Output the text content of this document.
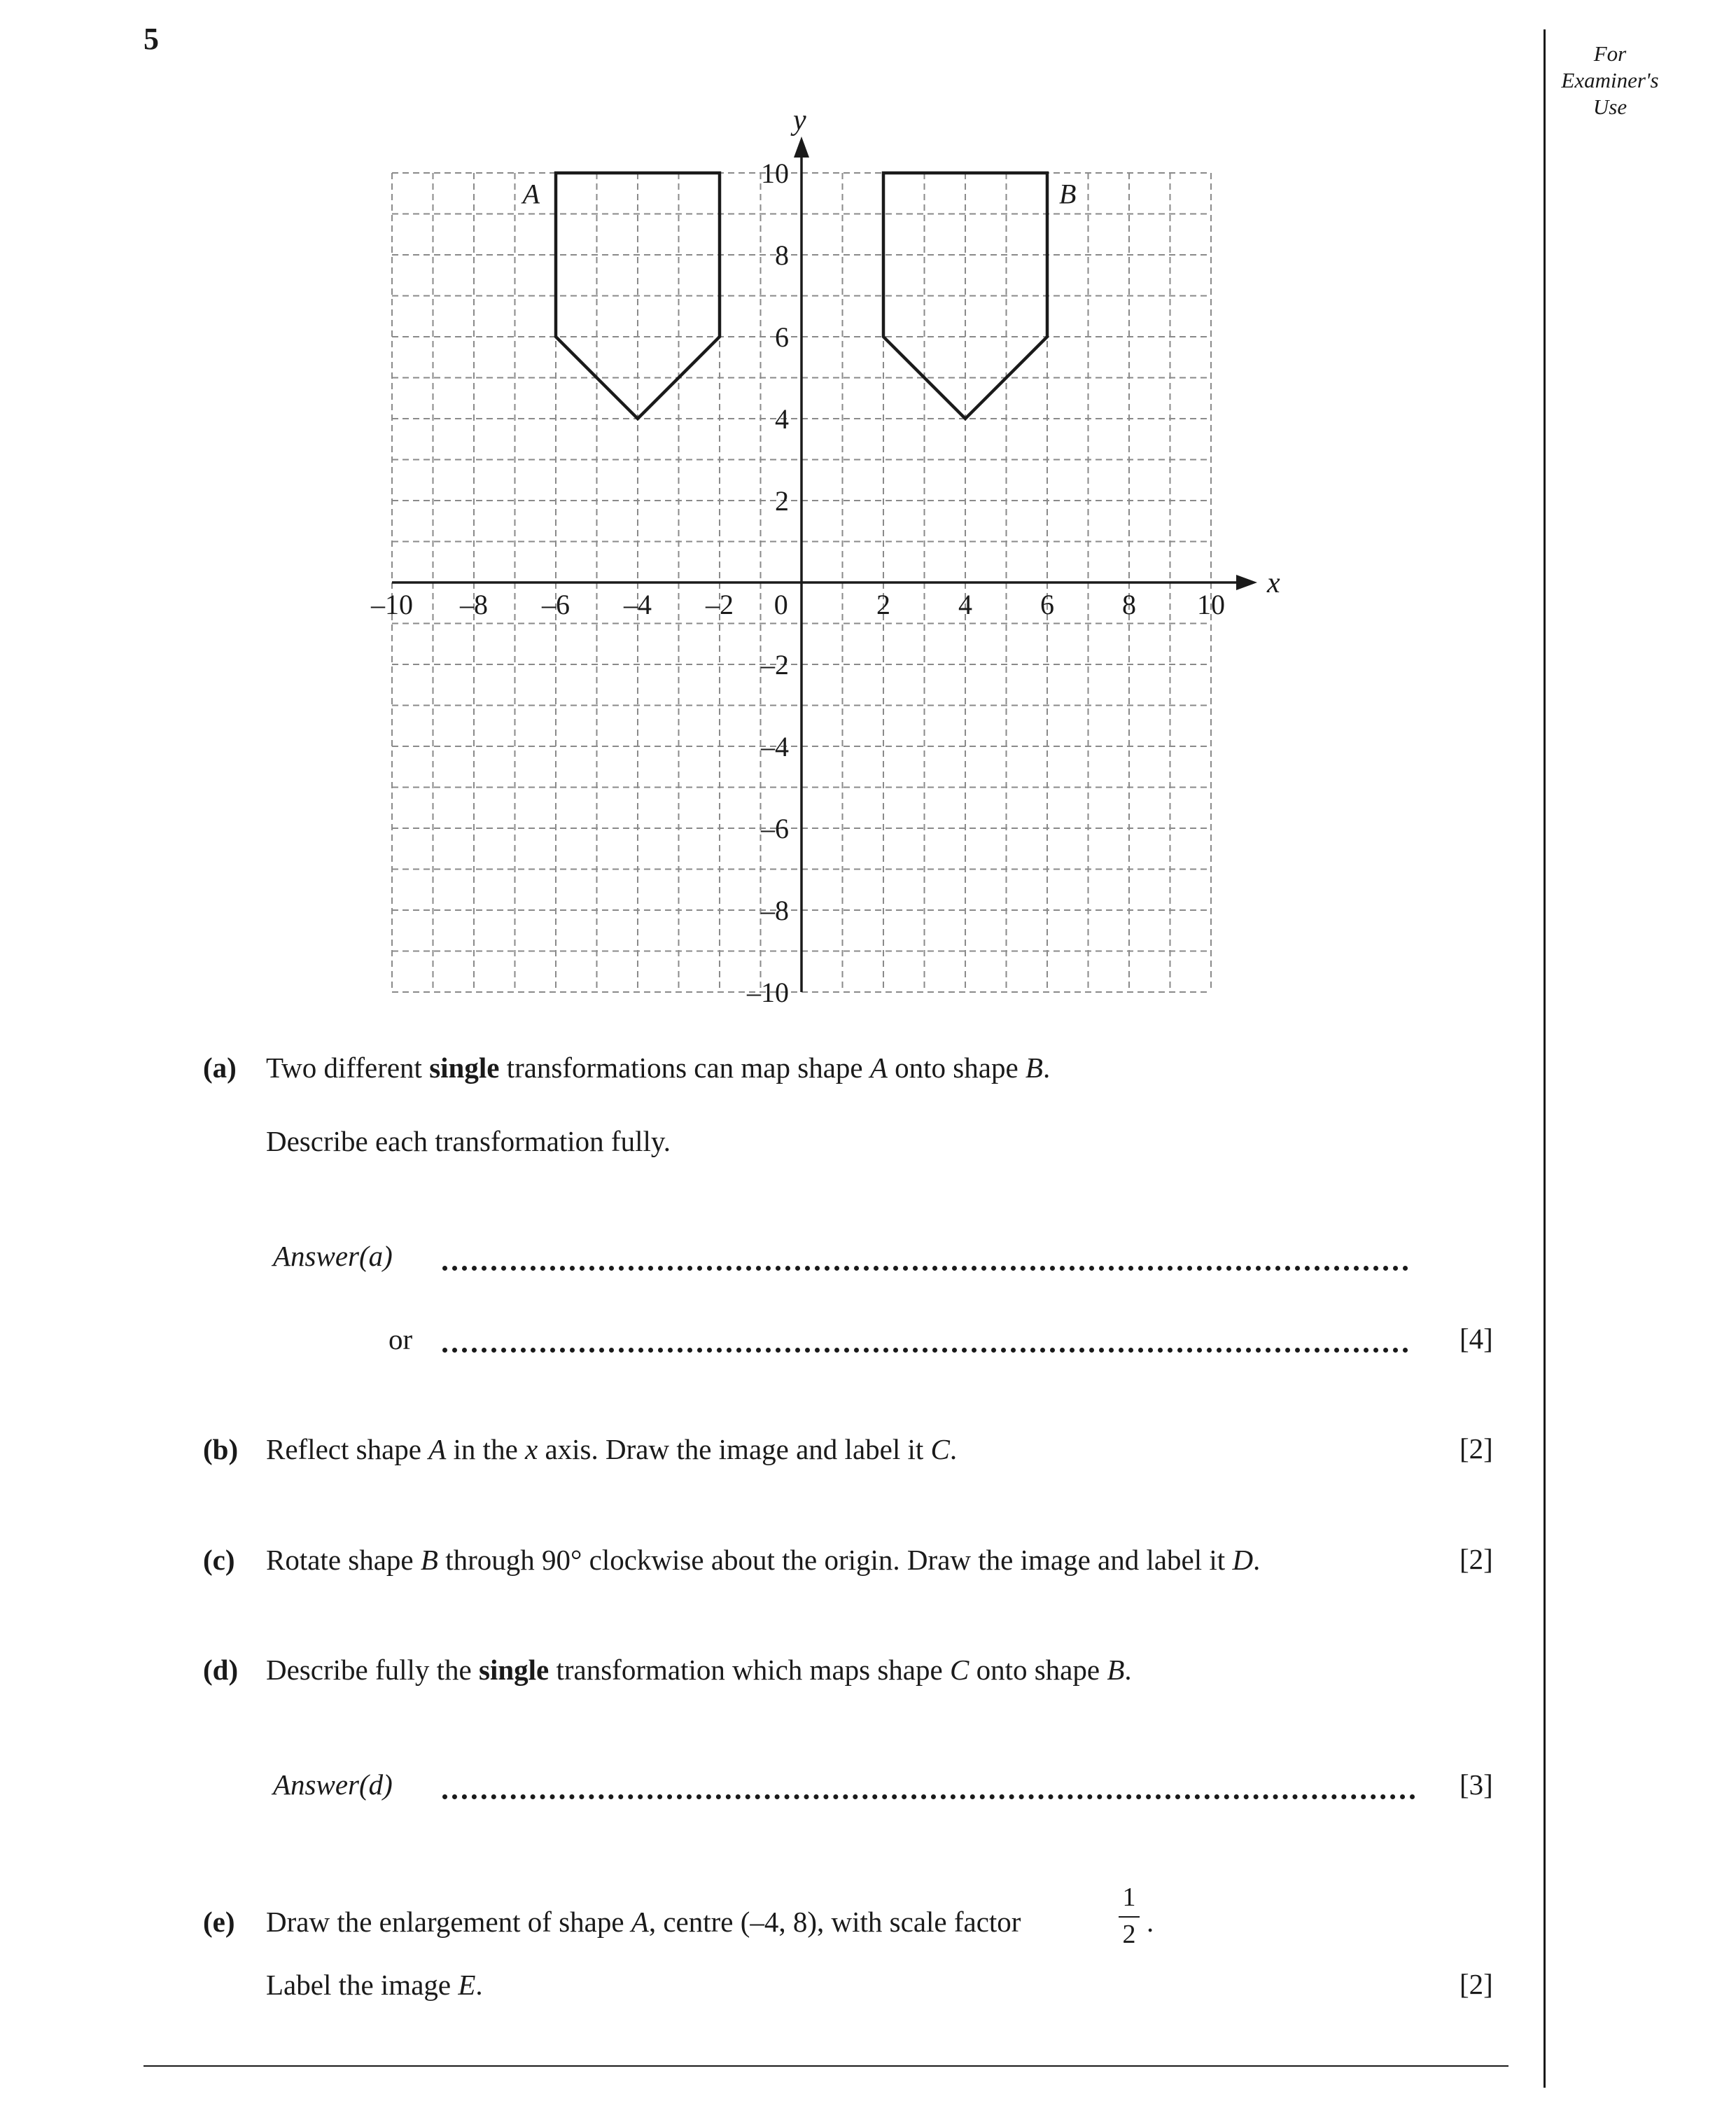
5	For
Examiner's
Use
–10 –8 –6 –4 –2	2 4 6 8 10
0
10
8
6
4
2
–2
–4
–6
–8
–10
x
y
A	B
(a) Two different single transformations can map shape A onto shape B.
Describe each transformation fully.
Answer(a)
or	[4]
(b) Reflect shape A in the x axis. Draw the image and label it C.	[2]
(c) Rotate shape B through 90° clockwise about the origin. Draw the image and label it D.	[2]
(d) Describe fully the single transformation which maps shape C onto shape B.
Answer(d)	[3]
(e) Draw the enlargement of shape A, centre (–4, 8), with scale factor
1
2 .
Label the image E.	[2]
